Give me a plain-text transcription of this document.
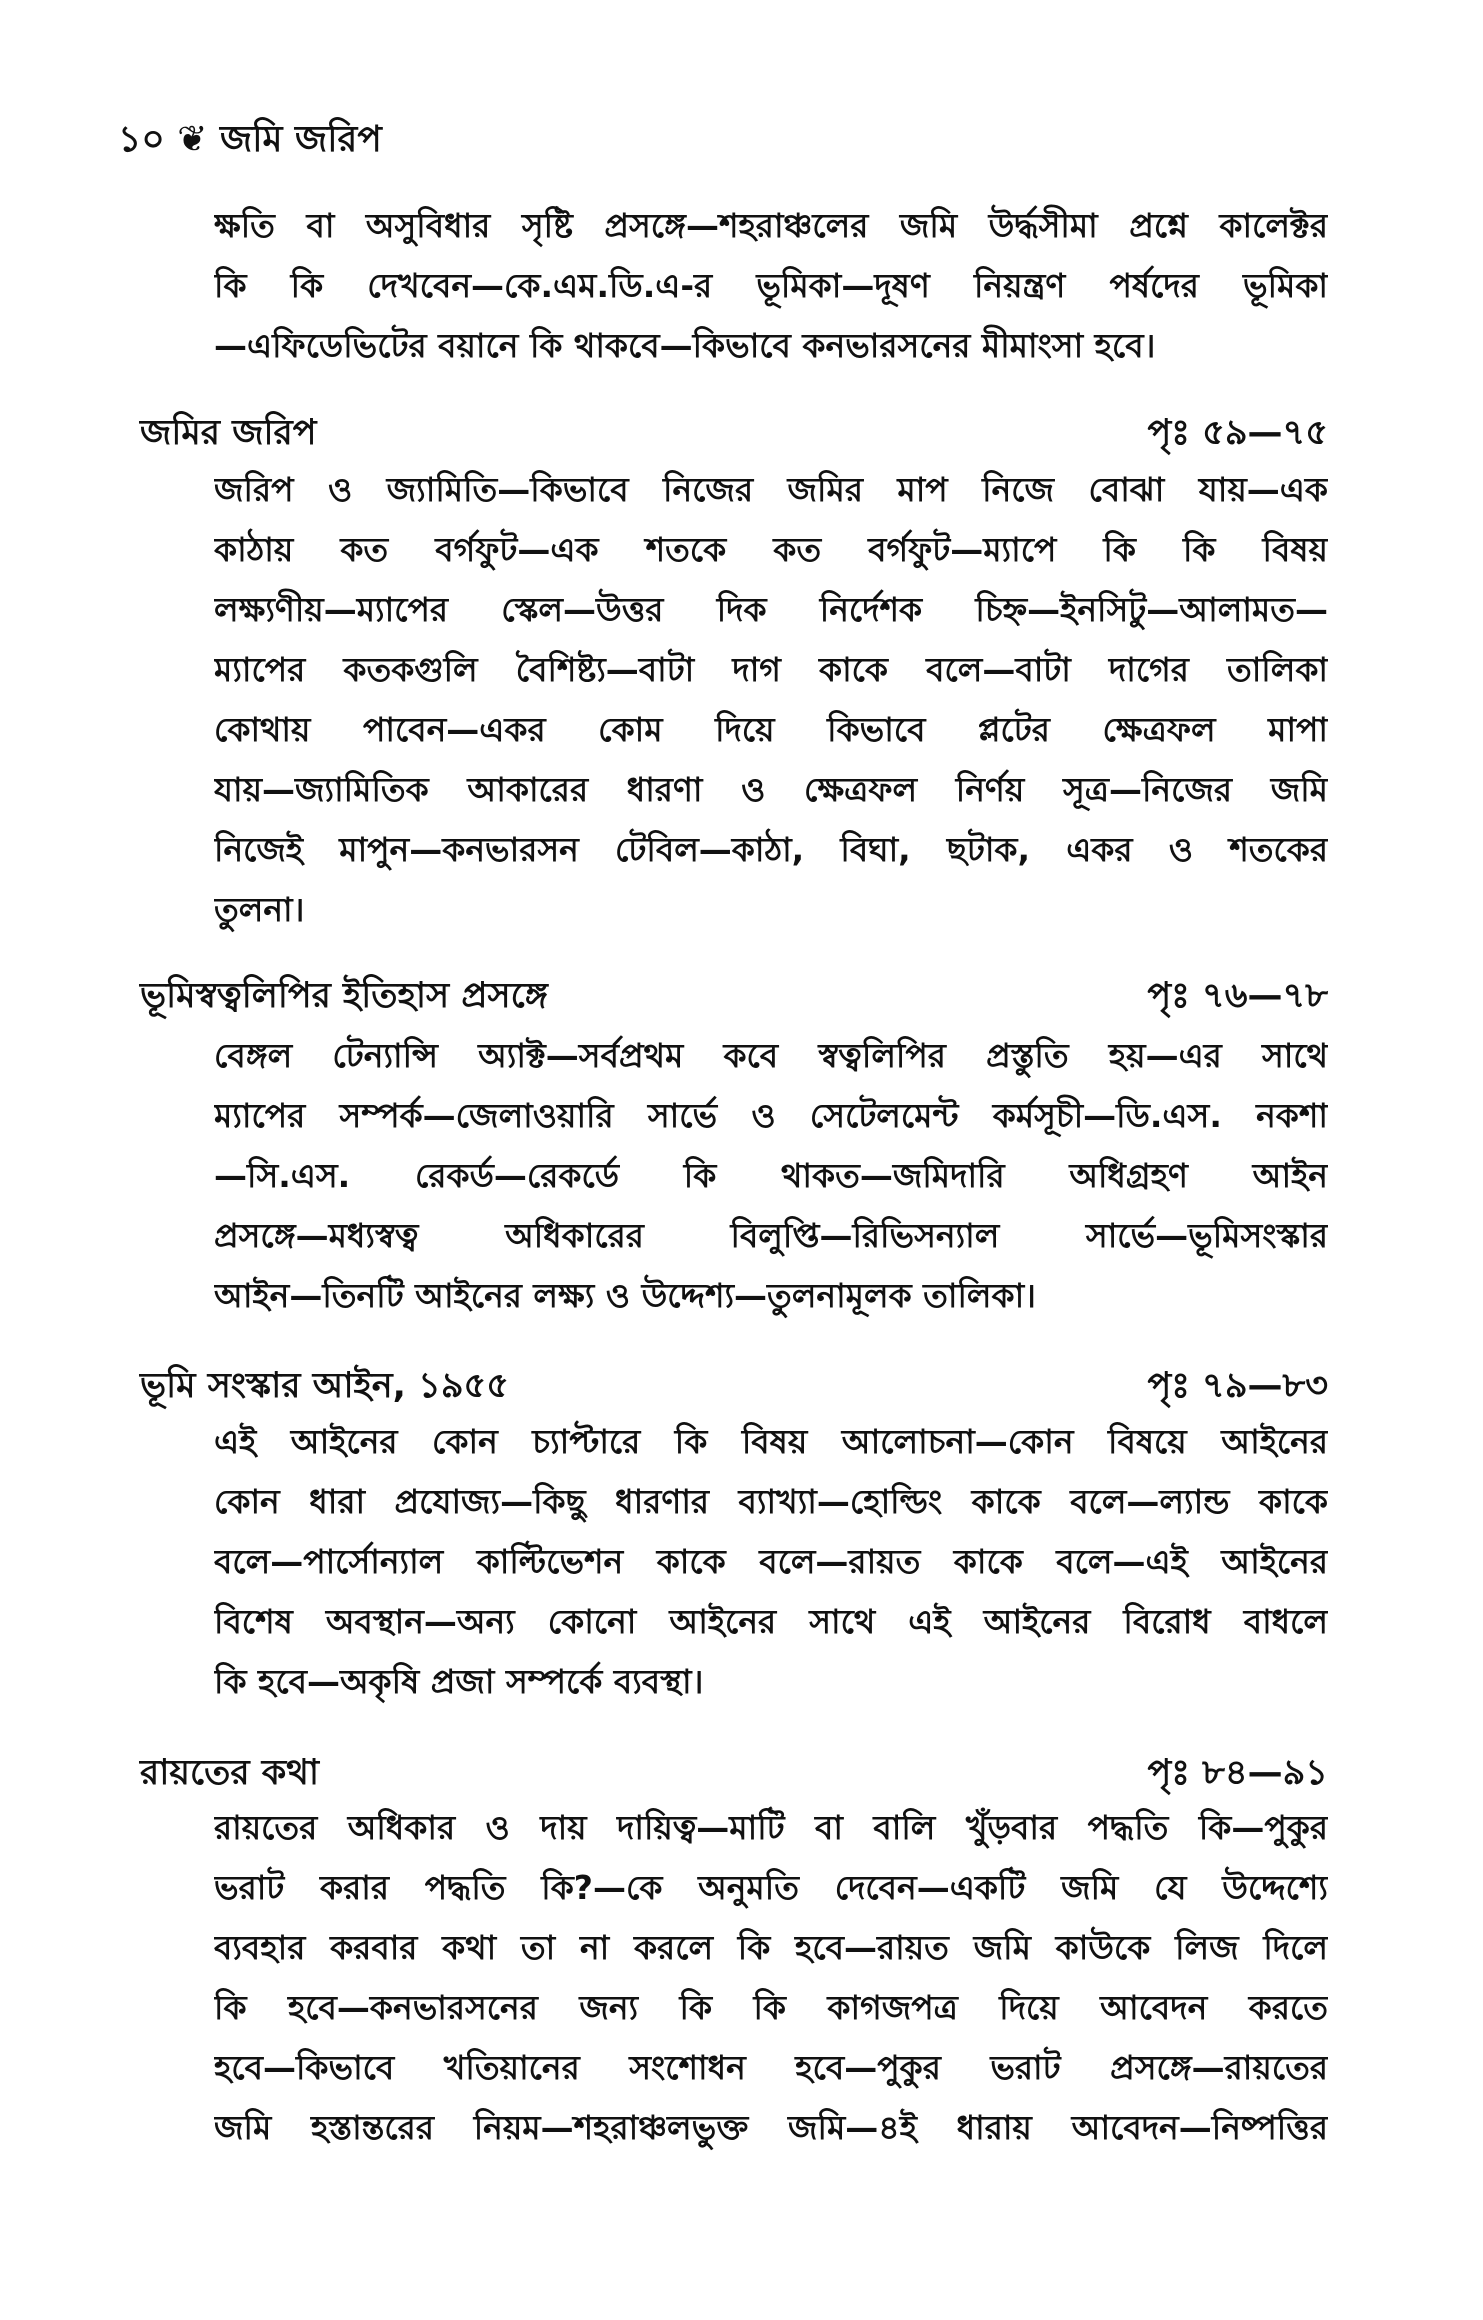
১০ ❦ জমি জরিপ
ক্ষতি বা অসুবিধার সৃষ্টি প্রসঙ্গে—শহরাঞ্চলের জমি উর্দ্ধসীমা প্রশ্নে কালেক্টর
কি কি দেখবেন—কে.এম.ডি.এ-র ভূমিকা—দূষণ নিয়ন্ত্রণ পর্ষদের ভূমিকা
—এফিডেভিটের বয়ানে কি থাকবে—কিভাবে কনভারসনের মীমাংসা হবে।
জমির জরিপ	পৃঃ ৫৯—৭৫
জরিপ ও জ্যামিতি—কিভাবে নিজের জমির মাপ নিজে বোঝা যায়—এক
কাঠায় কত বর্গফুট—এক শতকে কত বর্গফুট—ম্যাপে কি কি বিষয়
লক্ষ্যণীয়—ম্যাপের স্কেল—উত্তর দিক নির্দেশক চিহ্ন—ইনসিটু—আলামত—
ম্যাপের কতকগুলি বৈশিষ্ট্য—বাটা দাগ কাকে বলে—বাটা দাগের তালিকা
কোথায় পাবেন—একর কোম দিয়ে কিভাবে প্লটের ক্ষেত্রফল মাপা
যায়—জ্যামিতিক আকারের ধারণা ও ক্ষেত্রফল নির্ণয় সূত্র—নিজের জমি
নিজেই মাপুন—কনভারসন টেবিল—কাঠা, বিঘা, ছটাক, একর ও শতকের
তুলনা।
ভূমিস্বত্বলিপির ইতিহাস প্রসঙ্গে	পৃঃ ৭৬—৭৮
বেঙ্গল টেন্যান্সি অ্যাক্ট—সর্বপ্রথম কবে স্বত্বলিপির প্রস্তুতি হয়—এর সাথে
ম্যাপের সম্পর্ক—জেলাওয়ারি সার্ভে ও সেটেলমেন্ট কর্মসূচী—ডি.এস. নকশা
—সি.এস. রেকর্ড—রেকর্ডে কি থাকত—জমিদারি অধিগ্রহণ আইন
প্রসঙ্গে—মধ্যস্বত্ব অধিকারের বিলুপ্তি—রিভিসন্যাল সার্ভে—ভূমিসংস্কার
আইন—তিনটি আইনের লক্ষ্য ও উদ্দেশ্য—তুলনামূলক তালিকা।
ভূমি সংস্কার আইন, ১৯৫৫	পৃঃ ৭৯—৮৩
এই আইনের কোন চ্যাপ্টারে কি বিষয় আলোচনা—কোন বিষয়ে আইনের
কোন ধারা প্রযোজ্য—কিছু ধারণার ব্যাখ্যা—হোল্ডিং কাকে বলে—ল্যান্ড কাকে
বলে—পার্সোন্যাল কাল্টিভেশন কাকে বলে—রায়ত কাকে বলে—এই আইনের
বিশেষ অবস্থান—অন্য কোনো আইনের সাথে এই আইনের বিরোধ বাধলে
কি হবে—অকৃষি প্রজা সম্পর্কে ব্যবস্থা।
রায়তের কথা	পৃঃ ৮৪—৯১
রায়তের অধিকার ও দায় দায়িত্ব—মাটি বা বালি খুঁড়বার পদ্ধতি কি—পুকুর
ভরাট করার পদ্ধতি কি?—কে অনুমতি দেবেন—একটি জমি যে উদ্দেশ্যে
ব্যবহার করবার কথা তা না করলে কি হবে—রায়ত জমি কাউকে লিজ দিলে
কি হবে—কনভারসনের জন্য কি কি কাগজপত্র দিয়ে আবেদন করতে
হবে—কিভাবে খতিয়ানের সংশোধন হবে—পুকুর ভরাট প্রসঙ্গে—রায়তের
জমি হস্তান্তরের নিয়ম—শহরাঞ্চলভুক্ত জমি—৪ই ধারায় আবেদন—নিষ্পত্তির
